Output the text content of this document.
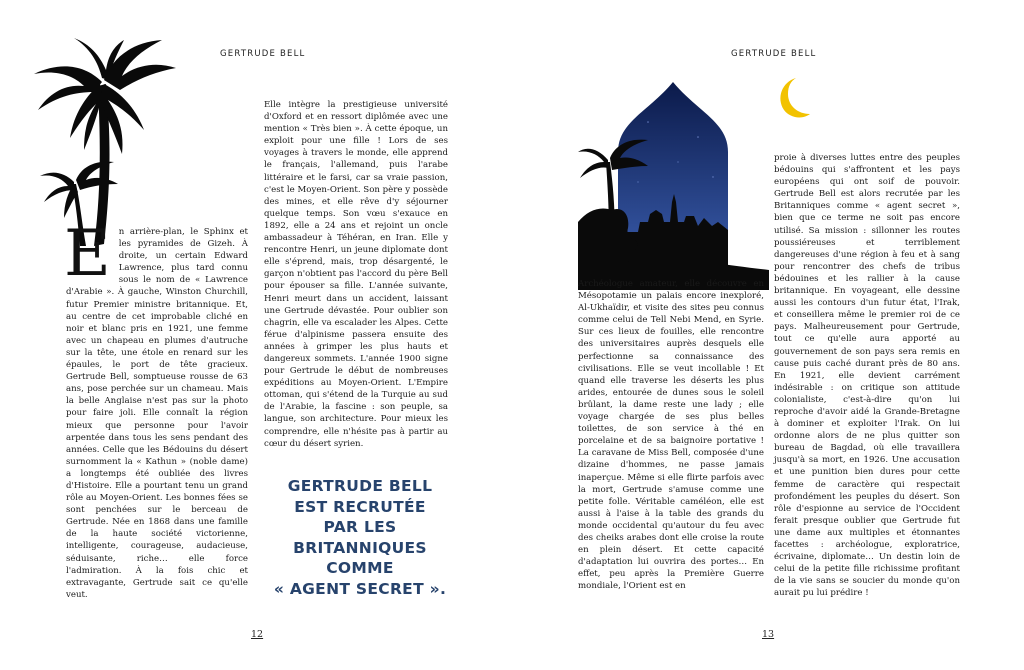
GERTRUDE BELL

En arrière-plan, le Sphinx et les pyramides de Gizeh. À droite, un certain Edward Lawrence, plus tard connu sous le nom de « Lawrence d'Arabie ». À gauche, Winston Churchill, futur Premier ministre britannique. Et, au centre de cet improbable cliché en noir et blanc pris en 1921, une femme avec un chapeau en plumes d'autruche sur la tête, une étole en renard sur les épaules, le port de tête gracieux. Gertrude Bell, somptueuse rousse de 63 ans, pose perchée sur un chameau. Mais la belle Anglaise n'est pas sur la photo pour faire joli. Elle connaît la région mieux que personne pour l'avoir arpentée dans tous les sens pendant des années. Celle que les Bédouins du désert surnomment la « Kathun » (noble dame) a longtemps été oubliée des livres d'Histoire. Elle a pourtant tenu un grand rôle au Moyen-Orient. Les bonnes fées se sont penchées sur le berceau de Gertrude. Née en 1868 dans une famille de la haute société victorienne, intelligente, courageuse, audacieuse, séduisante, riche… elle force l'admiration. À la fois chic et extravagante, Gertrude sait ce qu'elle veut.

Elle intègre la prestigieuse université d'Oxford et en ressort diplômée avec une mention « Très bien ». À cette époque, un exploit pour une fille ! Lors de ses voyages à travers le monde, elle apprend le français, l'allemand, puis l'arabe littéraire et le farsi, car sa vraie passion, c'est le Moyen-Orient. Son père y possède des mines, et elle rêve d'y séjourner quelque temps. Son vœu s'exauce en 1892, elle a 24 ans et rejoint un oncle ambassadeur à Téhéran, en Iran. Elle y rencontre Henri, un jeune diplomate dont elle s'éprend, mais, trop désargenté, le garçon n'obtient pas l'accord du père Bell pour épouser sa fille. L'année suivante, Henri meurt dans un accident, laissant une Gertrude dévastée. Pour oublier son chagrin, elle va escalader les Alpes. Cette férue d'alpinisme passera ensuite des années à grimper les plus hauts et dangereux sommets. L'année 1900 signe pour Gertrude le début de nombreuses expéditions au Moyen-Orient. L'Empire ottoman, qui s'étend de la Turquie au sud de l'Arabie, la fascine : son peuple, sa langue, son architecture. Pour mieux les comprendre, elle n'hésite pas à partir au cœur du désert syrien.

GERTRUDE BELL
EST RECRUTÉE
PAR LES
BRITANNIQUES
COMME
« AGENT SECRET ».
12
GERTRUDE BELL

Archéologue amateur, elle découvre en Mésopotamie un palais encore inexploré, Al-Ukhaïdir, et visite des sites peu connus comme celui de Tell Nebi Mend, en Syrie. Sur ces lieux de fouilles, elle rencontre des universitaires auprès desquels elle perfectionne sa connaissance des civilisations. Elle se veut incollable ! Et quand elle traverse les déserts les plus arides, entourée de dunes sous le soleil brûlant, la dame reste une lady ; elle voyage chargée de ses plus belles toilettes, de son service à thé en porcelaine et de sa baignoire portative ! La caravane de Miss Bell, composée d'une dizaine d'hommes, ne passe jamais inaperçue. Même si elle flirte parfois avec la mort, Gertrude s'amuse comme une petite folle. Véritable caméléon, elle est aussi à l'aise à la table des grands du monde occidental qu'autour du feu avec des cheiks arabes dont elle croise la route en plein désert. Et cette capacité d'adaptation lui ouvrira des portes… En effet, peu après la Première Guerre mondiale, l'Orient est en

proie à diverses luttes entre des peuples bédouins qui s'affrontent et les pays européens qui ont soif de pouvoir. Gertrude Bell est alors recrutée par les Britanniques comme « agent secret », bien que ce terme ne soit pas encore utilisé. Sa mission : sillonner les routes poussiéreuses et terriblement dangereuses d'une région à feu et à sang pour rencontrer des chefs de tribus bédouines et les rallier à la cause britannique. En voyageant, elle dessine aussi les contours d'un futur état, l'Irak, et conseillera même le premier roi de ce pays. Malheureusement pour Gertrude, tout ce qu'elle aura apporté au gouvernement de son pays sera remis en cause puis caché durant près de 80 ans. En 1921, elle devient carrément indésirable : on critique son attitude colonialiste, c'est-à-dire qu'on lui reproche d'avoir aidé la Grande-Bretagne à dominer et exploiter l'Irak. On lui ordonne alors de ne plus quitter son bureau de Bagdad, où elle travaillera jusqu'à sa mort, en 1926. Une accusation et une punition bien dures pour cette femme de caractère qui respectait profondément les peuples du désert. Son rôle d'espionne au service de l'Occident ferait presque oublier que Gertrude fut une dame aux multiples et étonnantes facettes : archéologue, exploratrice, écrivaine, diplomate… Un destin loin de celui de la petite fille richissime profitant de la vie sans se soucier du monde qu'on aurait pu lui prédire !

13
